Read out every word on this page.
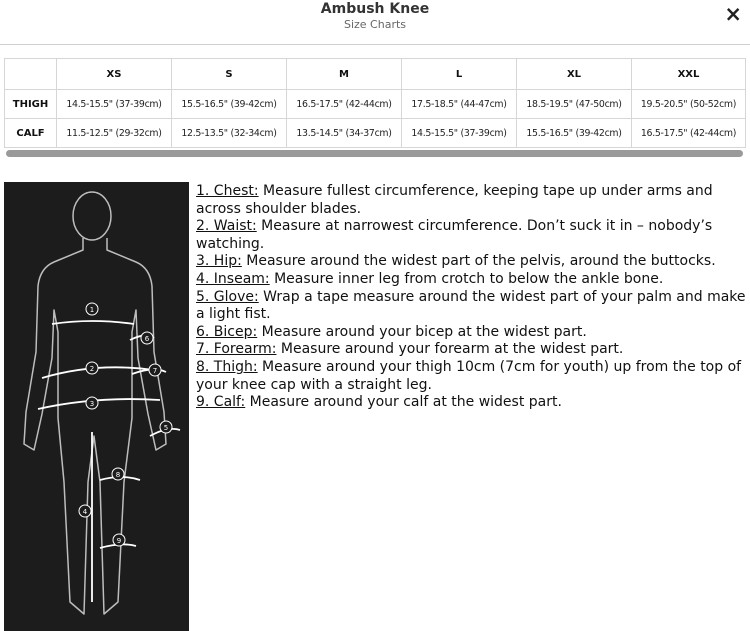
Ambush Knee
Size Charts	×
	XS	S	M	L	XL	XXL
THIGH	14.5-15.5" (37-39cm)	15.5-16.5" (39-42cm)	16.5-17.5" (42-44cm)	17.5-18.5" (44-47cm)	18.5-19.5" (47-50cm)	19.5-20.5" (50-52cm)
CALF	11.5-12.5" (29-32cm)	12.5-13.5" (32-34cm)	13.5-14.5" (34-37cm)	14.5-15.5" (37-39cm)	15.5-16.5" (39-42cm)	16.5-17.5" (42-44cm)
1
2
3
4
5
6
7
8
9

1. Chest: Measure fullest circumference, keeping tape up under arms and across shoulder blades.

2. Waist: Measure at narrowest circumference. Don’t suck it in – nobody’s watching.

3. Hip: Measure around the widest part of the pelvis, around the buttocks.

4. Inseam: Measure inner leg from crotch to below the ankle bone.

5. Glove: Wrap a tape measure around the widest part of your palm and make a light fist.

6. Bicep: Measure around your bicep at the widest part.

7. Forearm: Measure around your forearm at the widest part.

8. Thigh: Measure around your thigh 10cm (7cm for youth) up from the top of your knee cap with a straight leg.

9. Calf: Measure around your calf at the widest part.
